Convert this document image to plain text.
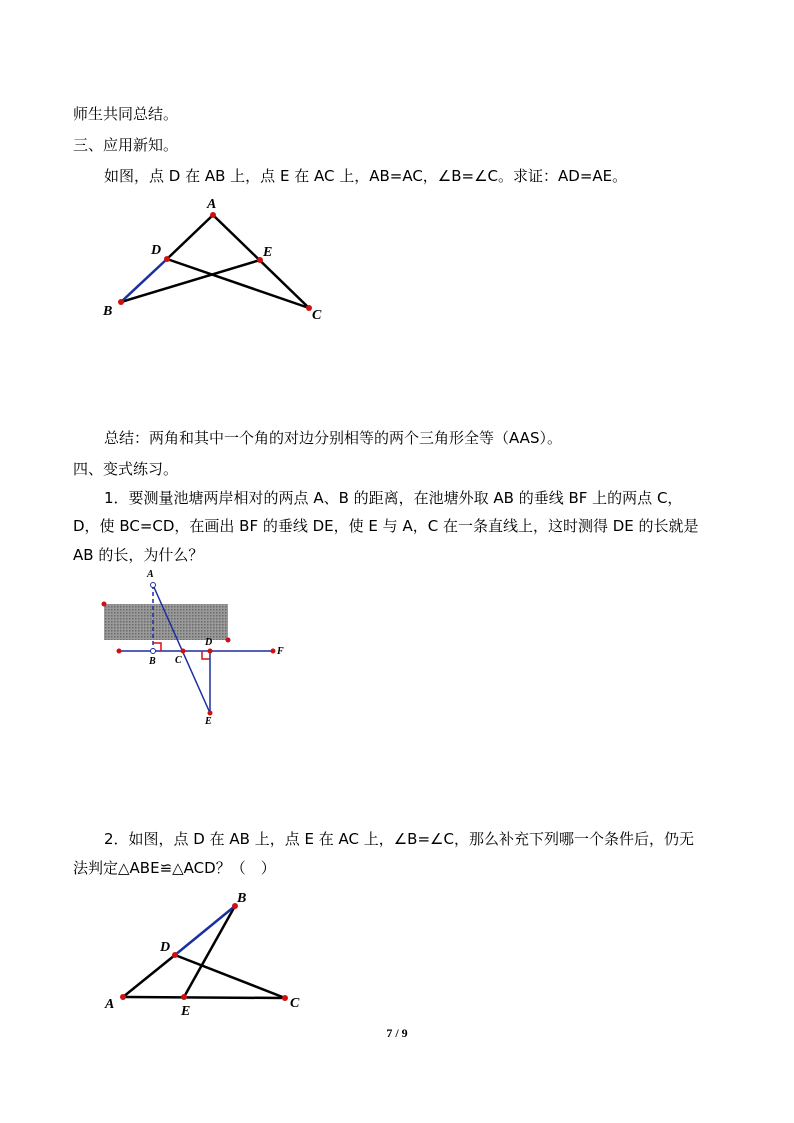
师生共同总结。
三、应用新知。
如图，点 D 在 AB 上，点 E 在 AC 上，AB=AC，∠B=∠C。求证：AD=AE。
A
D	E
B	C
A
B C
D
F
E
B
D
A	E
C
总结：两角和其中一个角的对边分别相等的两个三角形全等（AAS）。
四、变式练习。
1．要测量池塘两岸相对的两点 A、B 的距离，在池塘外取 AB 的垂线 BF 上的两点 C，
D，使 BC=CD，在画出 BF 的垂线 DE，使 E 与 A，C 在一条直线上，这时测得 DE 的长就是
AB 的长，为什么？
2．如图，点 D 在 AB 上，点 E 在 AC 上，∠B=∠C，那么补充下列哪一个条件后，仍无
法判定△ABE≌△ACD？（　）
7 / 9
